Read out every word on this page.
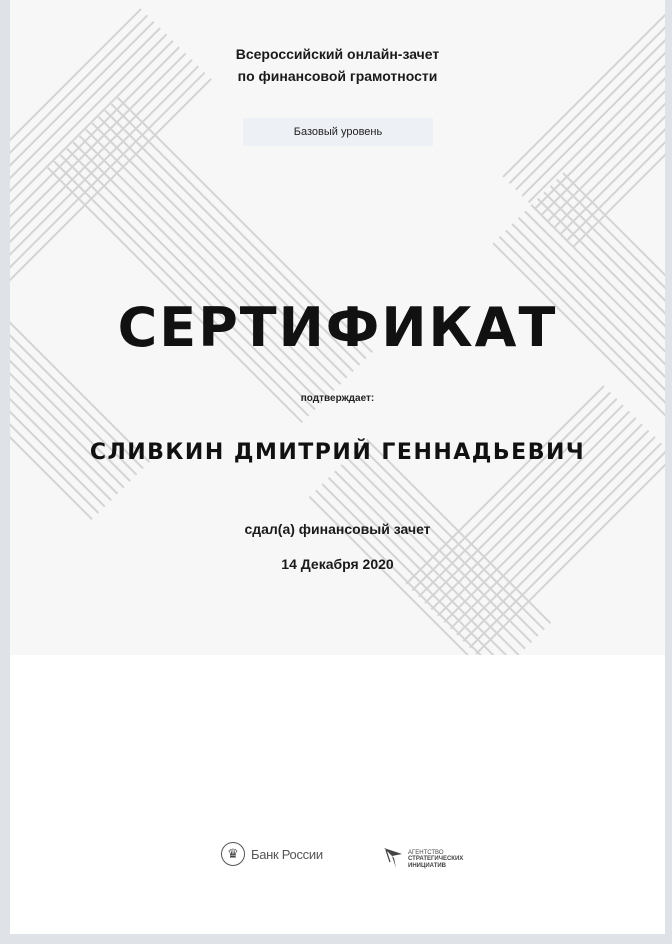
Всероссийский онлайн-зачет
по финансовой грамотности
Базовый уровень
СЕРТИФИКАТ
подтверждает:
СЛИВКИН ДМИТРИЙ ГЕННАДЬЕВИЧ
сдал(а) финансовый зачет
14 Декабря 2020
♛ Банк России	АГЕНТСТВО
СТРАТЕГИЧЕСКИХ
ИНИЦИАТИВ
